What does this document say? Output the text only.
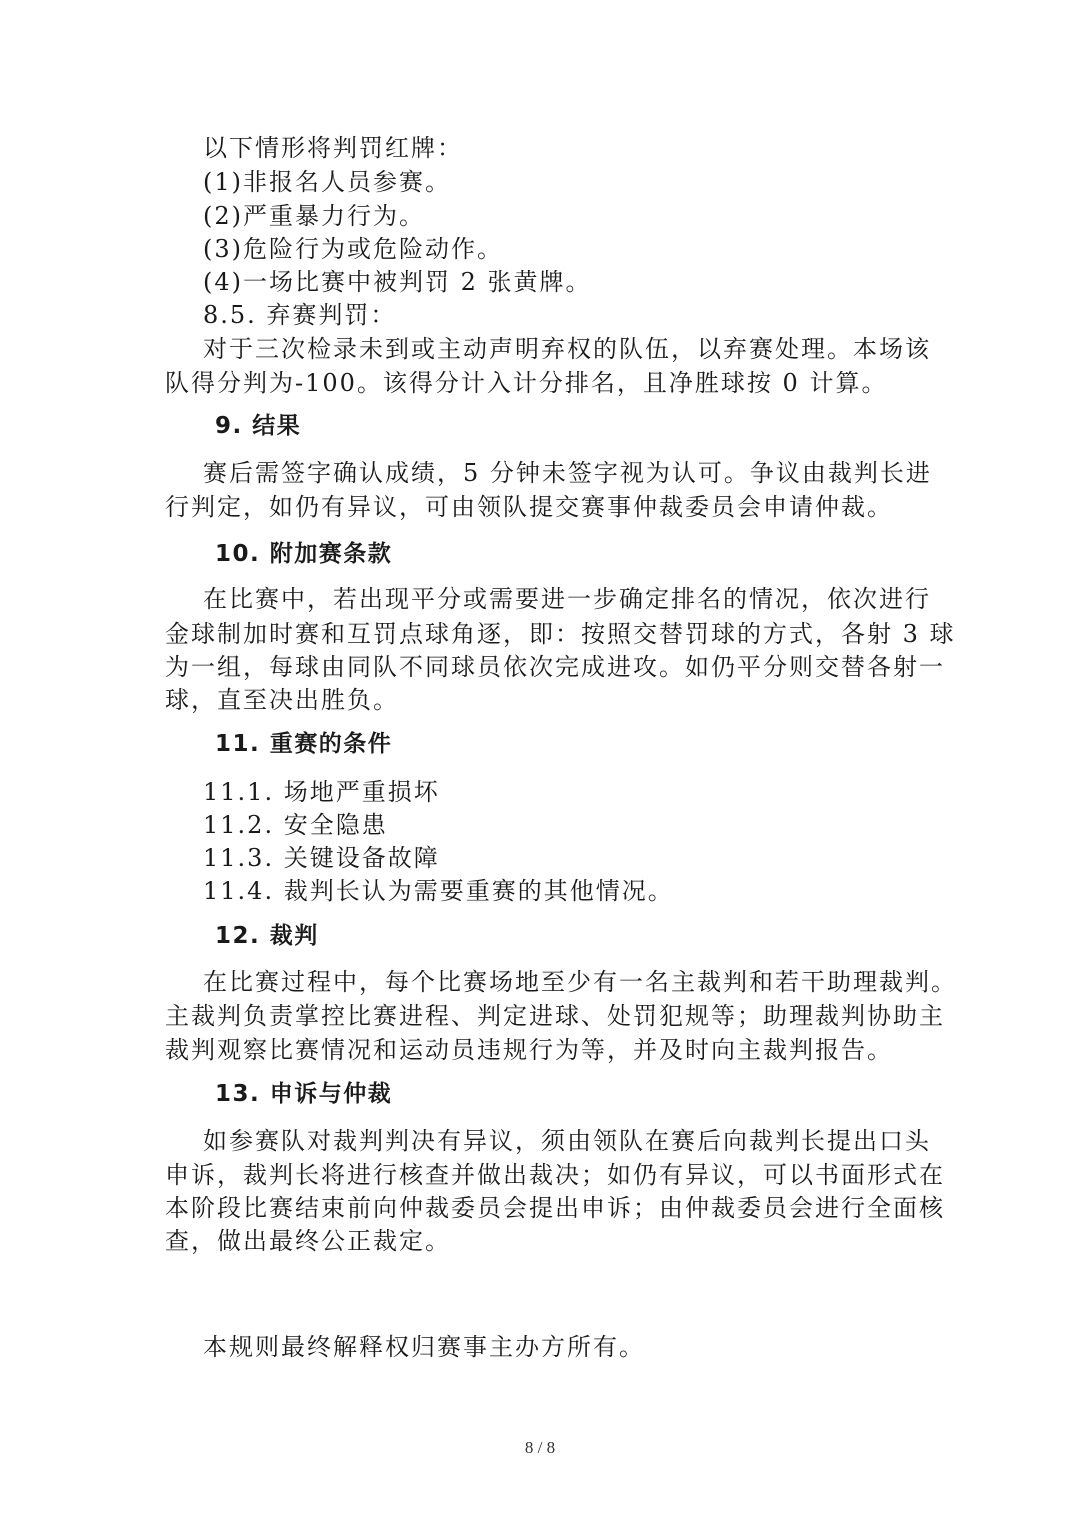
以下情形将判罚红牌：
(1)非报名人员参赛。
(2)严重暴力行为。
(3)危险行为或危险动作。
(4)一场比赛中被判罚 2 张黄牌。
8.5. 弃赛判罚：
对于三次检录未到或主动声明弃权的队伍，以弃赛处理。本场该
队得分判为-100。该得分计入计分排名，且净胜球按 0 计算。
9. 结果
赛后需签字确认成绩，5 分钟未签字视为认可。争议由裁判长进
行判定，如仍有异议，可由领队提交赛事仲裁委员会申请仲裁。
10. 附加赛条款
在比赛中，若出现平分或需要进一步确定排名的情况，依次进行
金球制加时赛和互罚点球角逐，即：按照交替罚球的方式，各射 3 球
为一组，每球由同队不同球员依次完成进攻。如仍平分则交替各射一
球，直至决出胜负。
11. 重赛的条件
11.1. 场地严重损坏
11.2. 安全隐患
11.3. 关键设备故障
11.4. 裁判长认为需要重赛的其他情况。
12. 裁判
在比赛过程中，每个比赛场地至少有一名主裁判和若干助理裁判。
主裁判负责掌控比赛进程、判定进球、处罚犯规等；助理裁判协助主
裁判观察比赛情况和运动员违规行为等，并及时向主裁判报告。
13. 申诉与仲裁
如参赛队对裁判判决有异议，须由领队在赛后向裁判长提出口头
申诉，裁判长将进行核查并做出裁决；如仍有异议，可以书面形式在
本阶段比赛结束前向仲裁委员会提出申诉；由仲裁委员会进行全面核
查，做出最终公正裁定。
本规则最终解释权归赛事主办方所有。
8 / 8
